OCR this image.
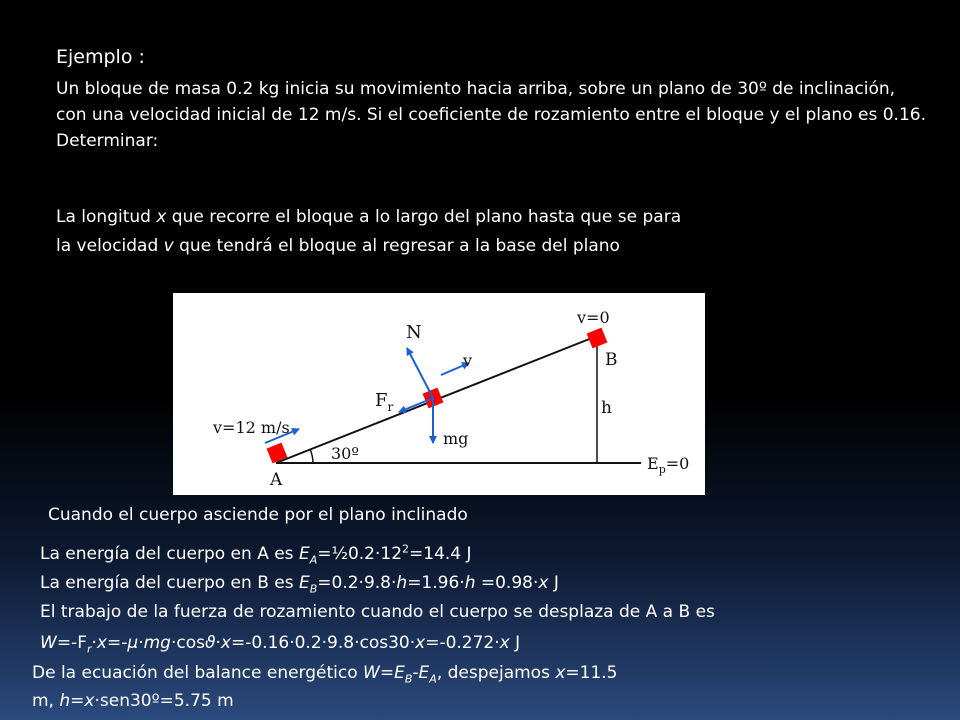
Ejemplo :
Un bloque de masa 0.2 kg inicia su movimiento hacia arriba, sobre un plano de 30º de inclinación, con una velocidad inicial de 12 m/s. Si el coeficiente de rozamiento entre el bloque y el plano es 0.16. Determinar:
La longitud x que recorre el bloque a lo largo del plano hasta que se para
la velocidad v que tendrá el bloque al regresar a la base del plano
v=12 m/s
v=0
N
v
$F_r$
mg
30º
A
B
h
$E_p=0$
Cuando el cuerpo asciende por el plano inclinado
La energía del cuerpo en A es $E_A=\frac{1}{2}0.2\cdot 12^2=14.4$ J
La energía del cuerpo en B es $E_B=0.2\cdot 9.8\cdot h=1.96\cdot h =0.98\cdot x$ J
El trabajo de la fuerza de rozamiento cuando el cuerpo se desplaza de A a B es
$W=-F_r\cdot x=-\mu\cdot mg\cdot\cos ϑ\cdot x=-0.16\cdot 0.2\cdot 9.8\cdot\cos 30\cdot x=-0.272\cdot x$ J
De la ecuación del balance energético $W=E_B-E_A$, despejamos x=11.5
m, h=x·sen30º=5.75 m
